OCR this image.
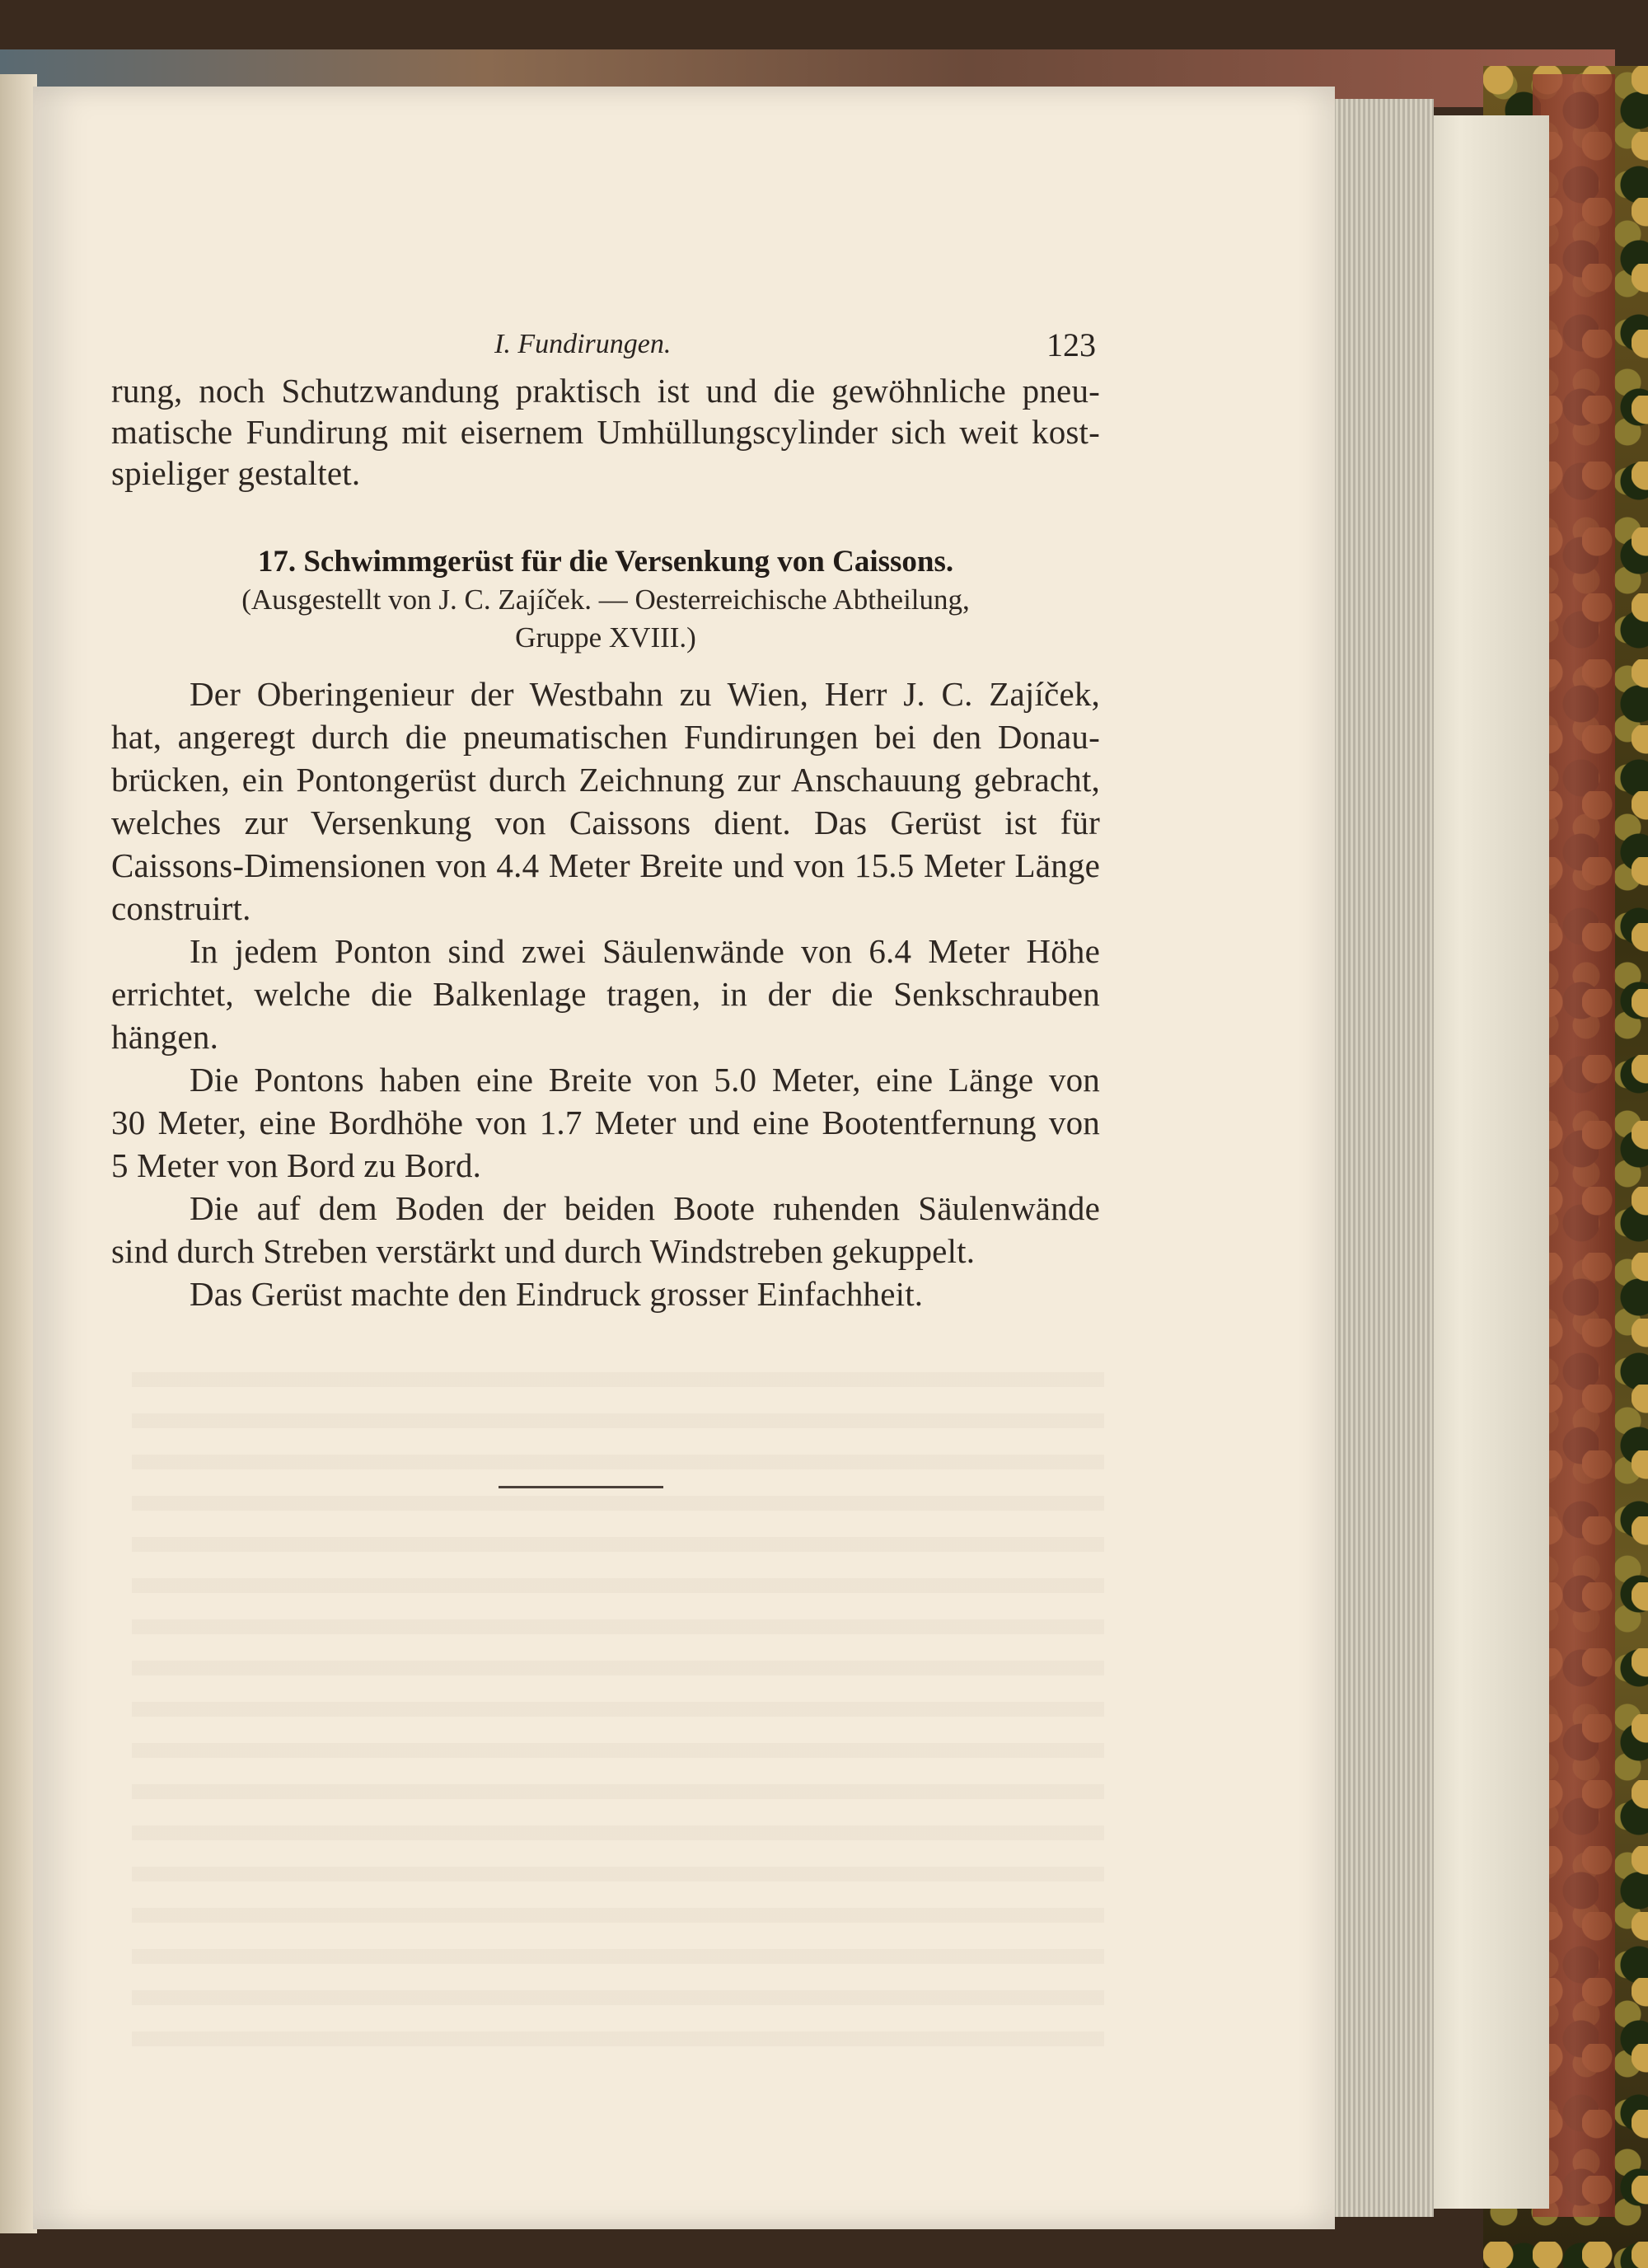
I. Fundirungen.	123
rung, noch Schutzwandung praktisch ist und die gewöhnliche pneu-
matische Fundirung mit eisernem Umhüllungscylinder sich weit kost-
spieliger gestaltet.
17. Schwimmgerüst für die Versenkung von Caissons.
(Ausgestellt von J. C. Zajíček. — Oesterreichische Abtheilung,
Gruppe XVIII.)
Der Oberingenieur der Westbahn zu Wien, Herr J. C. Zajíček,
hat, angeregt durch die pneumatischen Fundirungen bei den Donau-
brücken, ein Pontongerüst durch Zeichnung zur Anschauung gebracht,
welches zur Versenkung von Caissons dient. Das Gerüst ist für
Caissons-Dimensionen von 4.4 Meter Breite und von 15.5 Meter Länge
construirt.
In jedem Ponton sind zwei Säulenwände von 6.4 Meter Höhe
errichtet, welche die Balkenlage tragen, in der die Senkschrauben
hängen.
Die Pontons haben eine Breite von 5.0 Meter, eine Länge von
30 Meter, eine Bordhöhe von 1.7 Meter und eine Bootentfernung von
5 Meter von Bord zu Bord.
Die auf dem Boden der beiden Boote ruhenden Säulenwände
sind durch Streben verstärkt und durch Windstreben gekuppelt.
Das Gerüst machte den Eindruck grosser Einfachheit.
